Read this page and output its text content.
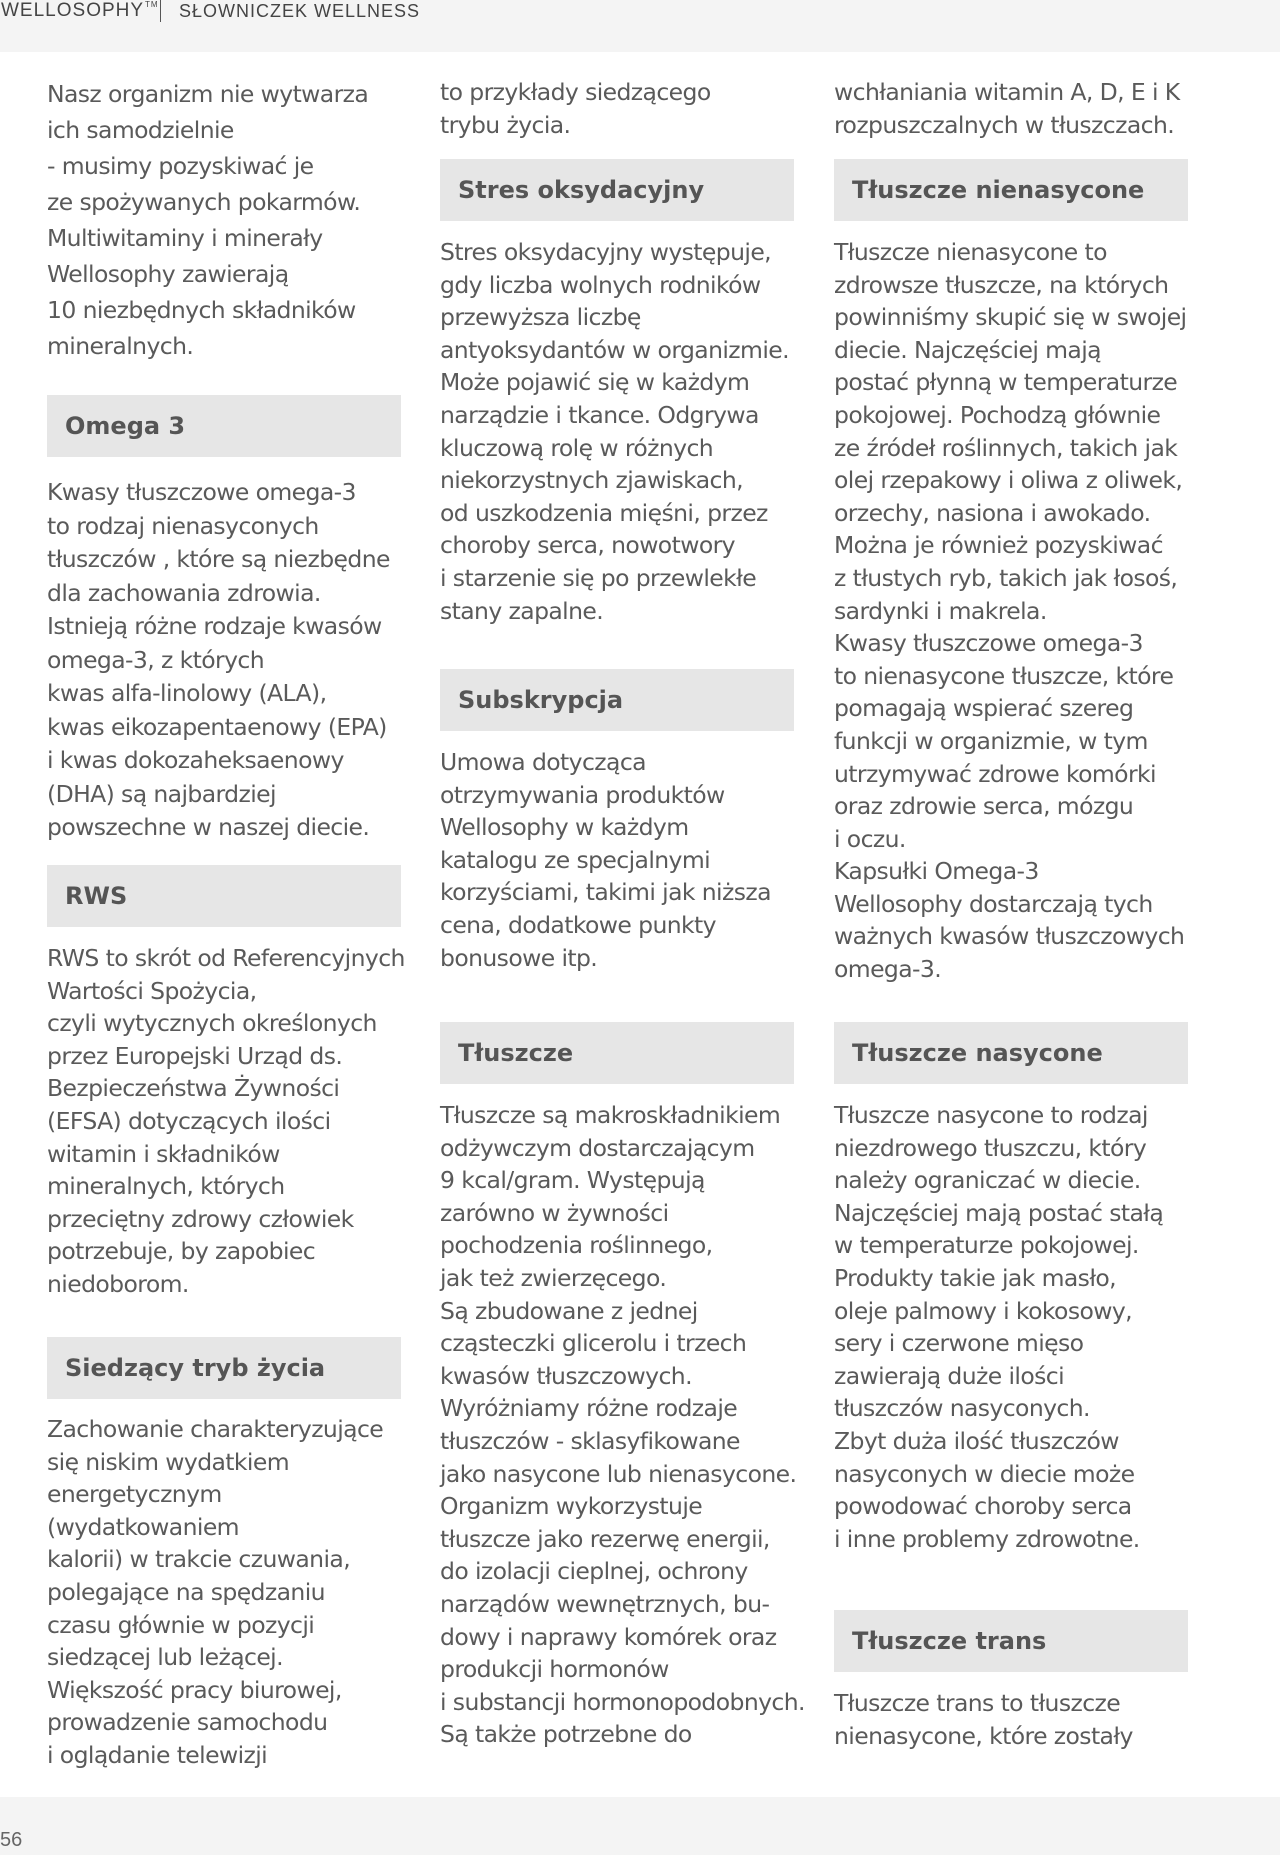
WELLOSOPHY™ SŁOWNICZEK WELLNESS

Nasz organizm nie wytwarza
ich samodzielnie
- musimy pozyskiwać je
ze spożywanych pokarmów.
Multiwitaminy i minerały
Wellosophy zawierają
10 niezbędnych składników
mineralnych.

Omega 3

Kwasy tłuszczowe omega-3
to rodzaj nienasyconych
tłuszczów , które są niezbędne
dla zachowania zdrowia.
Istnieją różne rodzaje kwasów
omega-3, z których
kwas alfa-linolowy (ALA),
kwas eikozapentaenowy (EPA)
i kwas dokozaheksaenowy
(DHA) są najbardziej
powszechne w naszej diecie.

RWS

RWS to skrót od Referencyjnych
Wartości Spożycia,
czyli wytycznych określonych
przez Europejski Urząd ds.
Bezpieczeństwa Żywności
(EFSA) dotyczących ilości
witamin i składników
mineralnych, których
przeciętny zdrowy człowiek
potrzebuje, by zapobiec
niedoborom.

Siedzący tryb życia

Zachowanie charakteryzujące
się niskim wydatkiem
energetycznym (wydatkowaniem
kalorii) w trakcie czuwania,
polegające na spędzaniu
czasu głównie w pozycji
siedzącej lub leżącej.
Większość pracy biurowej,
prowadzenie samochodu
i oglądanie telewizji

to przykłady siedzącego
trybu życia.

Stres oksydacyjny

Stres oksydacyjny występuje,
gdy liczba wolnych rodników
przewyższa liczbę
antyoksydantów w organizmie.
Może pojawić się w każdym
narządzie i tkance. Odgrywa
kluczową rolę w różnych
niekorzystnych zjawiskach,
od uszkodzenia mięśni, przez
choroby serca, nowotwory
i starzenie się po przewlekłe
stany zapalne.

Subskrypcja

Umowa dotycząca
otrzymywania produktów
Wellosophy w każdym
katalogu ze specjalnymi
korzyściami, takimi jak niższa
cena, dodatkowe punkty
bonusowe itp.

Tłuszcze

Tłuszcze są makroskładnikiem
odżywczym dostarczającym
9 kcal/gram. Występują
zarówno w żywności
pochodzenia roślinnego,
jak też zwierzęcego.
Są zbudowane z jednej
cząsteczki glicerolu i trzech
kwasów tłuszczowych.
Wyróżniamy różne rodzaje
tłuszczów - sklasyfikowane
jako nasycone lub nienasycone.
Organizm wykorzystuje
tłuszcze jako rezerwę energii,
do izolacji cieplnej, ochrony
narządów wewnętrznych, bu-
dowy i naprawy komórek oraz
produkcji hormonów
i substancji hormonopodobnych.
Są także potrzebne do

wchłaniania witamin A, D, E i K
rozpuszczalnych w tłuszczach.

Tłuszcze nienasycone

Tłuszcze nienasycone to
zdrowsze tłuszcze, na których
powinniśmy skupić się w swojej
diecie. Najczęściej mają
postać płynną w temperaturze
pokojowej. Pochodzą głównie
ze źródeł roślinnych, takich jak
olej rzepakowy i oliwa z oliwek,
orzechy, nasiona i awokado.
Można je również pozyskiwać
z tłustych ryb, takich jak łosoś,
sardynki i makrela.
Kwasy tłuszczowe omega-3
to nienasycone tłuszcze, które
pomagają wspierać szereg
funkcji w organizmie, w tym
utrzymywać zdrowe komórki
oraz zdrowie serca, mózgu
i oczu.
Kapsułki Omega-3
Wellosophy dostarczają tych
ważnych kwasów tłuszczowych
omega-3.

Tłuszcze nasycone

Tłuszcze nasycone to rodzaj
niezdrowego tłuszczu, który
należy ograniczać w diecie.
Najczęściej mają postać stałą
w temperaturze pokojowej.
Produkty takie jak masło,
oleje palmowy i kokosowy,
sery i czerwone mięso
zawierają duże ilości
tłuszczów nasyconych.
Zbyt duża ilość tłuszczów
nasyconych w diecie może
powodować choroby serca
i inne problemy zdrowotne.

Tłuszcze trans

Tłuszcze trans to tłuszcze
nienasycone, które zostały

56
